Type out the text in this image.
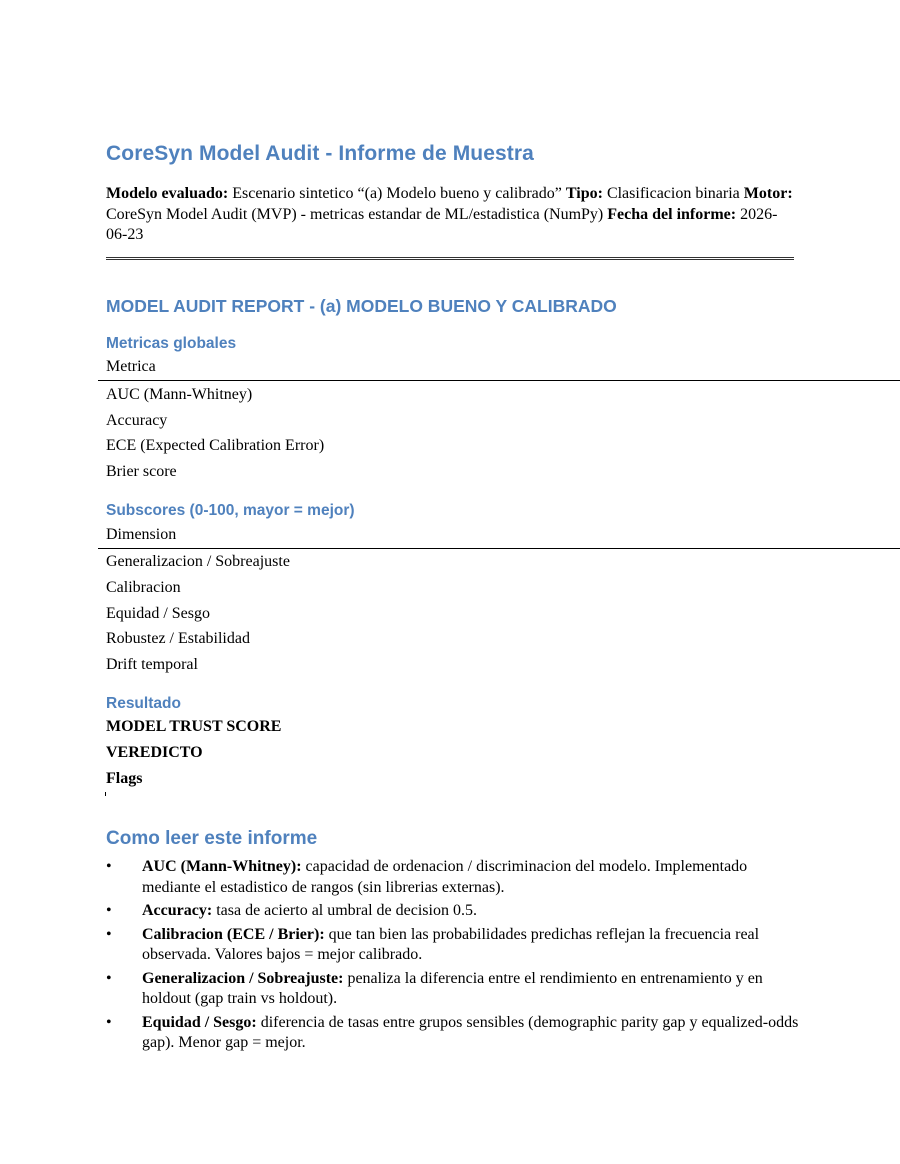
CoreSyn Model Audit - Informe de Muestra
Modelo evaluado: Escenario sintetico “(a) Modelo bueno y calibrado” Tipo: Clasificacion binaria Motor: CoreSyn Model Audit (MVP) - metricas estandar de ML/estadistica (NumPy) Fecha del informe: 2026-06-23
MODEL AUDIT REPORT - (a) MODELO BUENO Y CALIBRADO
Metricas globales
Metrica
AUC (Mann-Whitney)
Accuracy
ECE (Expected Calibration Error)
Brier score
Subscores (0-100, mayor = mejor)
Dimension
Generalizacion / Sobreajuste
Calibracion
Equidad / Sesgo
Robustez / Estabilidad
Drift temporal
Resultado
MODEL TRUST SCORE
VEREDICTO
Flags
Como leer este informe
• AUC (Mann-Whitney): capacidad de ordenacion / discriminacion del modelo. Implementado mediante el estadistico de rangos (sin librerias externas).
• Accuracy: tasa de acierto al umbral de decision 0.5.
• Calibracion (ECE / Brier): que tan bien las probabilidades predichas reflejan la frecuencia real observada. Valores bajos = mejor calibrado.
• Generalizacion / Sobreajuste: penaliza la diferencia entre el rendimiento en entrenamiento y en holdout (gap train vs holdout).
• Equidad / Sesgo: diferencia de tasas entre grupos sensibles (demographic parity gap y equalized-odds gap). Menor gap = mejor.
